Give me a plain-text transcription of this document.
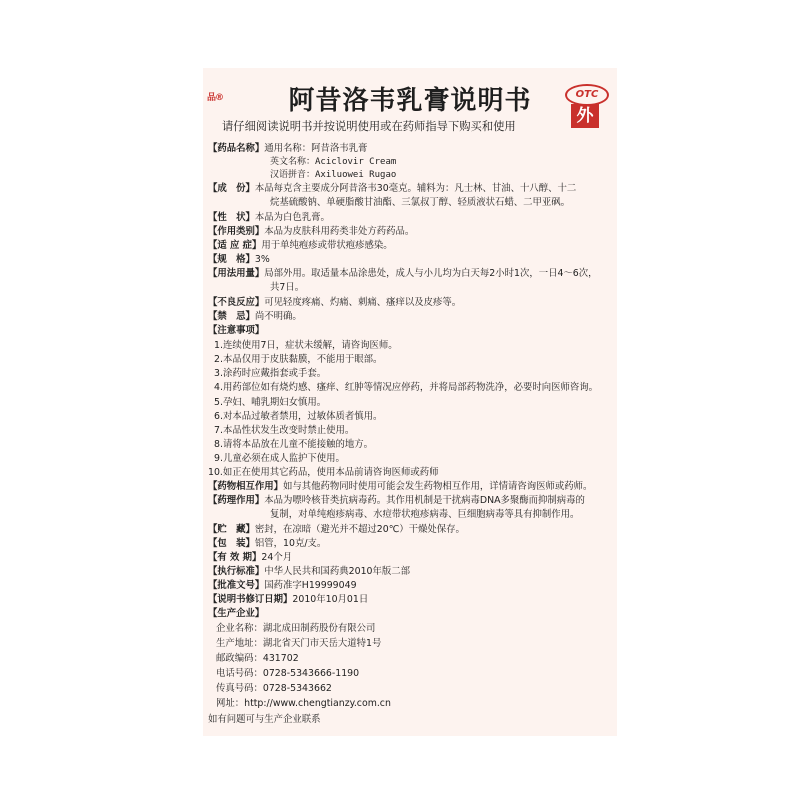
品®	阿昔洛韦乳膏说明书	OTC
外
请仔细阅读说明书并按说明使用或在药师指导下购买和使用
【药品名称】通用名称：阿昔洛韦乳膏
英文名称：Aciclovir Cream
汉语拼音：Axiluowei Rugao
【成　份】本品每克含主要成分阿昔洛韦30毫克。辅料为：凡士林、甘油、十八醇、十二
烷基硫酸钠、单硬脂酸甘油酯、三氯叔丁醇、轻质液状石蜡、二甲亚砜。
【性　状】本品为白色乳膏。
【作用类别】本品为皮肤科用药类非处方药药品。
【适 应 症】用于单纯疱疹或带状疱疹感染。
【规　格】3%
【用法用量】局部外用。取适量本品涂患处，成人与小儿均为白天每2小时1次，一日4～6次，
共7日。
【不良反应】可见轻度疼痛、灼痛、刺痛、瘙痒以及皮疹等。
【禁　忌】尚不明确。
【注意事项】
1.连续使用7日，症状未缓解，请咨询医师。
2.本品仅用于皮肤黏膜，不能用于眼部。
3.涂药时应戴指套或手套。
4.用药部位如有烧灼感、瘙痒、红肿等情况应停药，并将局部药物洗净，必要时向医师咨询。
5.孕妇、哺乳期妇女慎用。
6.对本品过敏者禁用，过敏体质者慎用。
7.本品性状发生改变时禁止使用。
8.请将本品放在儿童不能接触的地方。
9.儿童必须在成人监护下使用。
10.如正在使用其它药品，使用本品前请咨询医师或药师
【药物相互作用】如与其他药物同时使用可能会发生药物相互作用，详情请咨询医师或药师。
【药理作用】本品为嘌呤核苷类抗病毒药。其作用机制是干扰病毒DNA多聚酶而抑制病毒的
复制，对单纯疱疹病毒、水痘带状疱疹病毒、巨细胞病毒等具有抑制作用。
【贮　藏】密封，在凉暗（避光并不超过20℃）干燥处保存。
【包　装】铝管，10克/支。
【有 效 期】24个月
【执行标准】中华人民共和国药典2010年版二部
【批准文号】国药准字H19999049
【说明书修订日期】2010年10月01日
【生产企业】
企业名称：湖北成田制药股份有限公司
生产地址：湖北省天门市天岳大道特1号
邮政编码：431702
电话号码：0728-5343666-1190
传真号码：0728-5343662
网址：http://www.chengtianzy.com.cn
如有问题可与生产企业联系
